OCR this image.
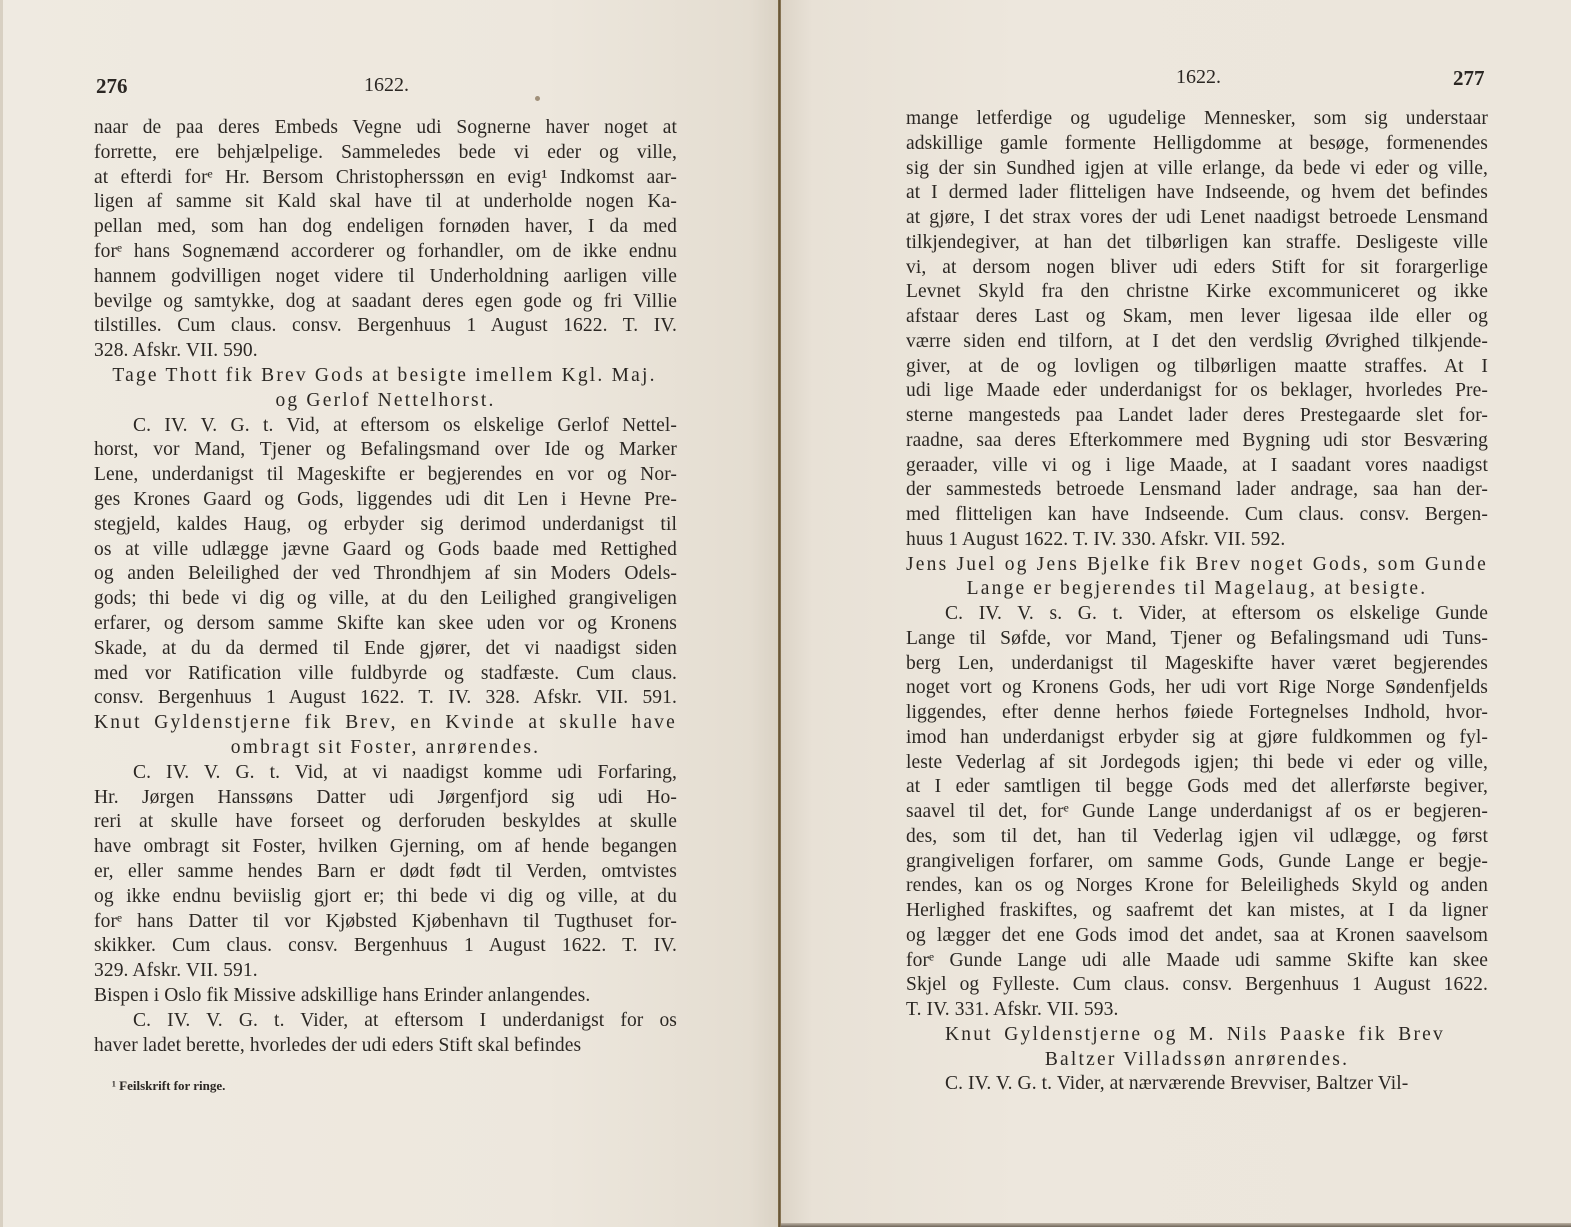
276	1622.
naar de paa deres Embeds Vegne udi Sognerne haver noget at
forrette, ere behjælpelige. Sammeledes bede vi eder og ville,
at efterdi forᵉ Hr. Bersom Christopherssøn en evig¹ Indkomst aar-
ligen af samme sit Kald skal have til at underholde nogen Ka-
pellan med, som han dog endeligen fornøden haver, I da med
forᵉ hans Sognemænd accorderer og forhandler, om de ikke endnu
hannem godvilligen noget videre til Underholdning aarligen ville
bevilge og samtykke, dog at saadant deres egen gode og fri Villie
tilstilles. Cum claus. consv. Bergenhuus 1 August 1622. T. IV.
328. Afskr. VII. 590.
Tage Thott fik Brev Gods at besigte imellem Kgl. Maj.
og Gerlof Nettelhorst.
C. IV. V. G. t. Vid, at eftersom os elskelige Gerlof Nettel-
horst, vor Mand, Tjener og Befalingsmand over Ide og Marker
Lene, underdanigst til Mageskifte er begjerendes en vor og Nor-
ges Krones Gaard og Gods, liggendes udi dit Len i Hevne Pre-
stegjeld, kaldes Haug, og erbyder sig derimod underdanigst til
os at ville udlægge jævne Gaard og Gods baade med Rettighed
og anden Beleilighed der ved Throndhjem af sin Moders Odels-
gods; thi bede vi dig og ville, at du den Leilighed grangiveligen
erfarer, og dersom samme Skifte kan skee uden vor og Kronens
Skade, at du da dermed til Ende gjører, det vi naadigst siden
med vor Ratification ville fuldbyrde og stadfæste. Cum claus.
consv. Bergenhuus 1 August 1622. T. IV. 328. Afskr. VII. 591.
Knut Gyldenstjerne fik Brev, en Kvinde at skulle have
ombragt sit Foster, anrørendes.
C. IV. V. G. t. Vid, at vi naadigst komme udi Forfaring,
Hr. Jørgen Hanssøns Datter udi Jørgenfjord sig udi Ho-
reri at skulle have forseet og derforuden beskyldes at skulle
have ombragt sit Foster, hvilken Gjerning, om af hende begangen
er, eller samme hendes Barn er dødt født til Verden, omtvistes
og ikke endnu beviislig gjort er; thi bede vi dig og ville, at du
forᵉ hans Datter til vor Kjøbsted Kjøbenhavn til Tugthuset for-
skikker. Cum claus. consv. Bergenhuus 1 August 1622. T. IV.
329. Afskr. VII. 591.
Bispen i Oslo fik Missive adskillige hans Erinder anlangendes.
C. IV. V. G. t. Vider, at eftersom I underdanigst for os
haver ladet berette, hvorledes der udi eders Stift skal befindes
¹ Feilskrift for ringe.
1622.	277
mange letferdige og ugudelige Mennesker, som sig understaar
adskillige gamle formente Helligdomme at besøge, formenendes
sig der sin Sundhed igjen at ville erlange, da bede vi eder og ville,
at I dermed lader flitteligen have Indseende, og hvem det befindes
at gjøre, I det strax vores der udi Lenet naadigst betroede Lensmand
tilkjendegiver, at han det tilbørligen kan straffe. Desligeste ville
vi, at dersom nogen bliver udi eders Stift for sit forargerlige
Levnet Skyld fra den christne Kirke excommuniceret og ikke
afstaar deres Last og Skam, men lever ligesaa ilde eller og
værre siden end tilforn, at I det den verdslig Øvrighed tilkjende-
giver, at de og lovligen og tilbørligen maatte straffes. At I
udi lige Maade eder underdanigst for os beklager, hvorledes Pre-
sterne mangesteds paa Landet lader deres Prestegaarde slet for-
raadne, saa deres Efterkommere med Bygning udi stor Besværing
geraader, ville vi og i lige Maade, at I saadant vores naadigst
der sammesteds betroede Lensmand lader andrage, saa han der-
med flitteligen kan have Indseende. Cum claus. consv. Bergen-
huus 1 August 1622. T. IV. 330. Afskr. VII. 592.
Jens Juel og Jens Bjelke fik Brev noget Gods, som Gunde
Lange er begjerendes til Magelaug, at besigte.
C. IV. V. s. G. t. Vider, at eftersom os elskelige Gunde
Lange til Søfde, vor Mand, Tjener og Befalingsmand udi Tuns-
berg Len, underdanigst til Mageskifte haver været begjerendes
noget vort og Kronens Gods, her udi vort Rige Norge Søndenfjelds
liggendes, efter denne herhos føiede Fortegnelses Indhold, hvor-
imod han underdanigst erbyder sig at gjøre fuldkommen og fyl-
leste Vederlag af sit Jordegods igjen; thi bede vi eder og ville,
at I eder samtligen til begge Gods med det allerførste begiver,
saavel til det, forᵉ Gunde Lange underdanigst af os er begjeren-
des, som til det, han til Vederlag igjen vil udlægge, og først
grangiveligen forfarer, om samme Gods, Gunde Lange er begje-
rendes, kan os og Norges Krone for Beleiligheds Skyld og anden
Herlighed fraskiftes, og saafremt det kan mistes, at I da ligner
og lægger det ene Gods imod det andet, saa at Kronen saavelsom
forᵉ Gunde Lange udi alle Maade udi samme Skifte kan skee
Skjel og Fylleste. Cum claus. consv. Bergenhuus 1 August 1622.
T. IV. 331. Afskr. VII. 593.
Knut Gyldenstjerne og M. Nils Paaske fik Brev
Baltzer Villadssøn anrørendes.
C. IV. V. G. t. Vider, at nærværende Brevviser, Baltzer Vil-
